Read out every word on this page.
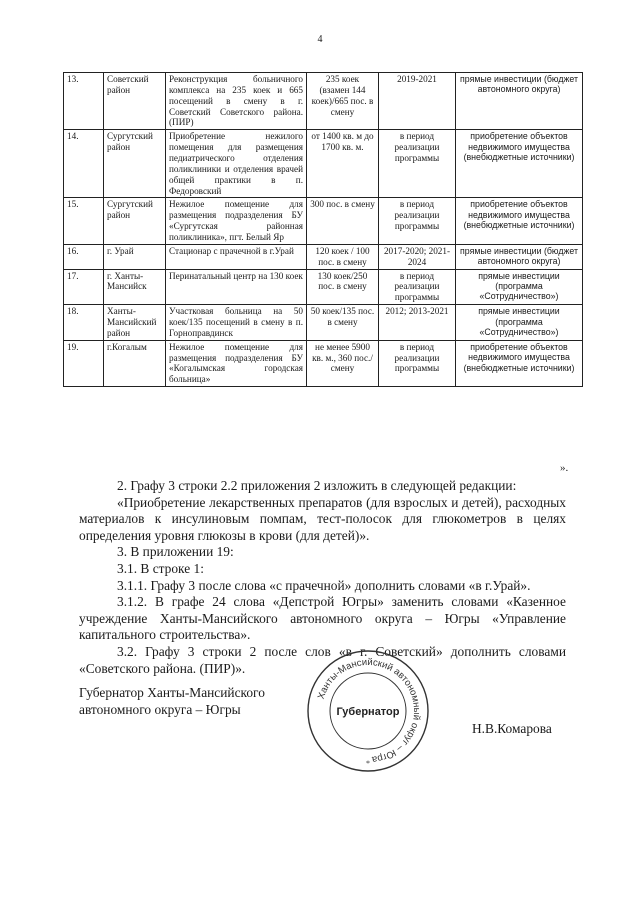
4
13.	Советский район	Реконструкция больничного комплекса на 235 коек и 665 посещений в смену в г. Советский Советского района. (ПИР)	235 коек (взамен 144 коек)/665 пос. в смену	2019-2021	прямые инвестиции (бюджет автономного округа)
14.	Сургутский район	Приобретение нежилого помещения для размещения педиатрического отделения поликлиники и отделения врачей общей практики в п. Федоровский	от 1400 кв. м до 1700 кв. м.	в период реализации программы	приобретение объектов недвижимого имущества (внебюджетные источники)
15.	Сургутский район	Нежилое помещение для размещения подразделения БУ «Сургутская районная поликлиника», пгт. Белый Яр	300 пос. в смену	в период реализации программы	приобретение объектов недвижимого имущества (внебюджетные источники)
16.	г. Урай	Стационар с прачечной в г.Урай	120 коек / 100 пос. в смену	2017-2020; 2021-2024	прямые инвестиции (бюджет автономного округа)
17.	г. Ханты-Мансийск	Перинатальный центр на 130 коек	130 коек/250 пос. в смену	в период реализации программы	прямые инвестиции (программа «Сотрудничество»)
18.	Ханты-Мансийский район	Участковая больница на 50 коек/135 посещений в смену в п. Горноправдинск	50 коек/135 пос. в смену	2012; 2013-2021	прямые инвестиции (программа «Сотрудничество»)
19.	г.Когалым	Нежилое помещение для размещения подразделения БУ «Когалымская городская больница»	не менее 5900 кв. м., 360 пос./смену	в период реализации программы	приобретение объектов недвижимого имущества (внебюджетные источники)
».

2. Графу 3 строки 2.2 приложения 2 изложить в следующей редакции:

«Приобретение лекарственных препаратов (для взрослых и детей), расходных материалов к инсулиновым помпам, тест-полосок для глюкометров в целях определения уровня глюкозы в крови (для детей)».

3. В приложении 19:

3.1. В строке 1:

3.1.1. Графу 3 после слова «с прачечной» дополнить словами «в г.Урай».

3.1.2. В графе 24 слова «Депстрой Югры» заменить словами «Казенное учреждение Ханты-Мансийского автономного округа – Югры «Управление капитального строительства».

3.2. Графу 3 строки 2 после слов «в г. Советский» дополнить словами «Советского района. (ПИР)».

Губернатор Ханты-Мансийского автономного округа – Югры
Ханты-Мансийский автономный округ – Югра
Губернатор
*
Н.В.Комарова
